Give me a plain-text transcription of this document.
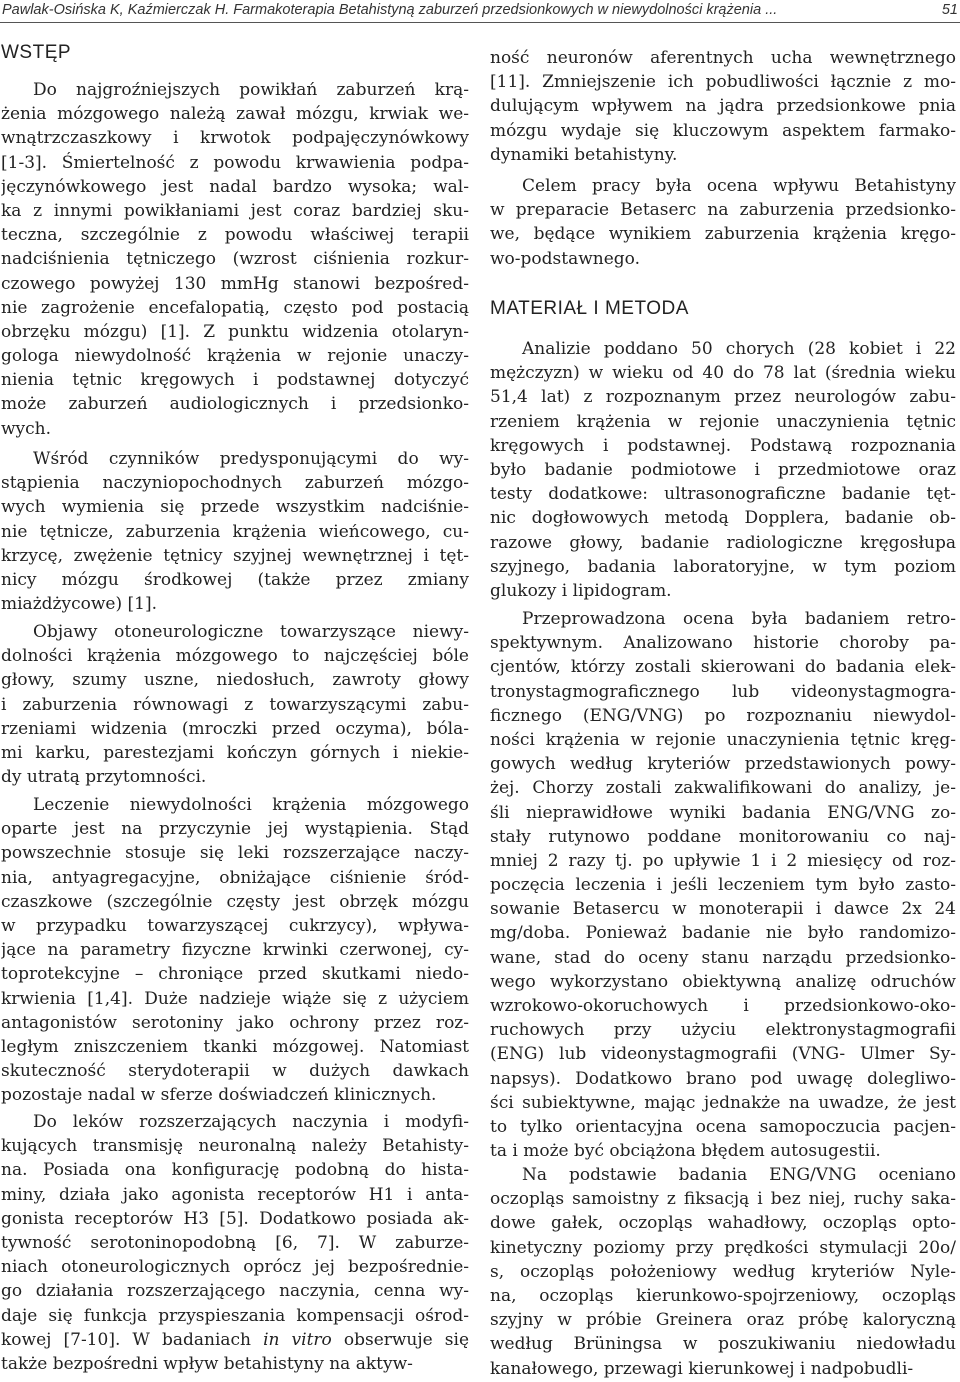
Pawlak-Osińska K, Kaźmierczak H. Farmakoterapia Betahistyną zaburzeń przedsionkowych w niewydolności krążenia ...	51
WSTĘP
Do najgroźniejszych powikłań zaburzeń krą-
żenia mózgowego należą zawał mózgu, krwiak we-
wnątrzczaszkowy i krwotok podpajęczynówkowy
[1-3]. Śmiertelność z powodu krwawienia podpa-
jęczynówkowego jest nadal bardzo wysoka; wal-
ka z innymi powikłaniami jest coraz bardziej sku-
teczna, szczególnie z powodu właściwej terapii
nadciśnienia tętniczego (wzrost ciśnienia rozkur-
czowego powyżej 130 mmHg stanowi bezpośred-
nie zagrożenie encefalopatią, często pod postacią
obrzęku mózgu) [1]. Z punktu widzenia otolaryn-
gologa niewydolność krążenia w rejonie unaczy-
nienia tętnic kręgowych i podstawnej dotyczyć
może zaburzeń audiologicznych i przedsionko-
wych.
Wśród czynników predysponującymi do wy-
stąpienia naczyniopochodnych zaburzeń mózgo-
wych wymienia się przede wszystkim nadciśnie-
nie tętnicze, zaburzenia krążenia wieńcowego, cu-
krzycę, zwężenie tętnicy szyjnej wewnętrznej i tęt-
nicy mózgu środkowej (także przez zmiany
miażdżycowe) [1].
Objawy otoneurologiczne towarzyszące niewy-
dolności krążenia mózgowego to najczęściej bóle
głowy, szumy uszne, niedosłuch, zawroty głowy
i zaburzenia równowagi z towarzyszącymi zabu-
rzeniami widzenia (mroczki przed oczyma), bóla-
mi karku, parestezjami kończyn górnych i niekie-
dy utratą przytomności.
Leczenie niewydolności krążenia mózgowego
oparte jest na przyczynie jej wystąpienia. Stąd
powszechnie stosuje się leki rozszerzające naczy-
nia, antyagregacyjne, obniżające ciśnienie śród-
czaszkowe (szczególnie częsty jest obrzęk mózgu
w przypadku towarzyszącej cukrzycy), wpływa-
jące na parametry fizyczne krwinki czerwonej, cy-
toprotekcyjne – chroniące przed skutkami niedo-
krwienia [1,4]. Duże nadzieje wiąże się z użyciem
antagonistów serotoniny jako ochrony przez roz-
ległym zniszczeniem tkanki mózgowej. Natomiast
skuteczność sterydoterapii w dużych dawkach
pozostaje nadal w sferze doświadczeń klinicznych.
Do leków rozszerzających naczynia i modyfi-
kujących transmisję neuronalną należy Betahisty-
na. Posiada ona konfigurację podobną do hista-
miny, działa jako agonista receptorów H1 i anta-
gonista receptorów H3 [5]. Dodatkowo posiada ak-
tywność serotoninopodobną [6, 7]. W zaburze-
niach otoneurologicznych oprócz jej bezpośrednie-
go działania rozszerzającego naczynia, cenna wy-
daje się funkcja przyspieszania kompensacji ośrod-
kowej [7-10]. W badaniach in vitro obserwuje się
także bezpośredni wpływ betahistyny na aktyw-
ność neuronów aferentnych ucha wewnętrznego
[11]. Zmniejszenie ich pobudliwości łącznie z mo-
dulującym wpływem na jądra przedsionkowe pnia
mózgu wydaje się kluczowym aspektem farmako-
dynamiki betahistyny.
Celem pracy była ocena wpływu Betahistyny
w preparacie Betaserc na zaburzenia przedsionko-
we, będące wynikiem zaburzenia krążenia kręgo-
wo-podstawnego.
MATERIAŁ I METODA
Analizie poddano 50 chorych (28 kobiet i 22
mężczyzn) w wieku od 40 do 78 lat (średnia wieku
51,4 lat) z rozpoznanym przez neurologów zabu-
rzeniem krążenia w rejonie unaczynienia tętnic
kręgowych i podstawnej. Podstawą rozpoznania
było badanie podmiotowe i przedmiotowe oraz
testy dodatkowe: ultrasonograficzne badanie tęt-
nic dogłowowych metodą Dopplera, badanie ob-
razowe głowy, badanie radiologiczne kręgosłupa
szyjnego, badania laboratoryjne, w tym poziom
glukozy i lipidogram.
Przeprowadzona ocena była badaniem retro-
spektywnym. Analizowano historie choroby pa-
cjentów, którzy zostali skierowani do badania elek-
tronystagmograficznego lub videonystagmogra-
ficznego (ENG/VNG) po rozpoznaniu niewydol-
ności krążenia w rejonie unaczynienia tętnic kręg-
gowych według kryteriów przedstawionych powy-
żej. Chorzy zostali zakwalifikowani do analizy, je-
śli nieprawidłowe wyniki badania ENG/VNG zo-
stały rutynowo poddane monitorowaniu co naj-
mniej 2 razy tj. po upływie 1 i 2 miesięcy od roz-
poczęcia leczenia i jeśli leczeniem tym było zasto-
sowanie Betasercu w monoterapii i dawce 2x 24
mg/doba. Ponieważ badanie nie było randomizo-
wane, stad do oceny stanu narządu przedsionko-
wego wykorzystano obiektywną analizę odruchów
wzrokowo-okoruchowych i przedsionkowo-oko-
ruchowych przy użyciu elektronystagmografii
(ENG) lub videonystagmografii (VNG- Ulmer Sy-
napsys). Dodatkowo brano pod uwagę dolegliwo-
ści subiektywne, mając jednakże na uwadze, że jest
to tylko orientacyjna ocena samopoczucia pacjen-
ta i może być obciążona błędem autosugestii.
Na podstawie badania ENG/VNG oceniano
oczopląs samoistny z fiksacją i bez niej, ruchy saka-
dowe gałek, oczopląs wahadłowy, oczopląs opto-
kinetyczny poziomy przy prędkości stymulacji 20o/
s, oczopląs położeniowy według kryteriów Nyle-
na, oczopląs kierunkowo-spojrzeniowy, oczopląs
szyjny w próbie Greinera oraz próbę kaloryczną
według Brüningsa w poszukiwaniu niedowładu
kanałowego, przewagi kierunkowej i nadpobudli-
